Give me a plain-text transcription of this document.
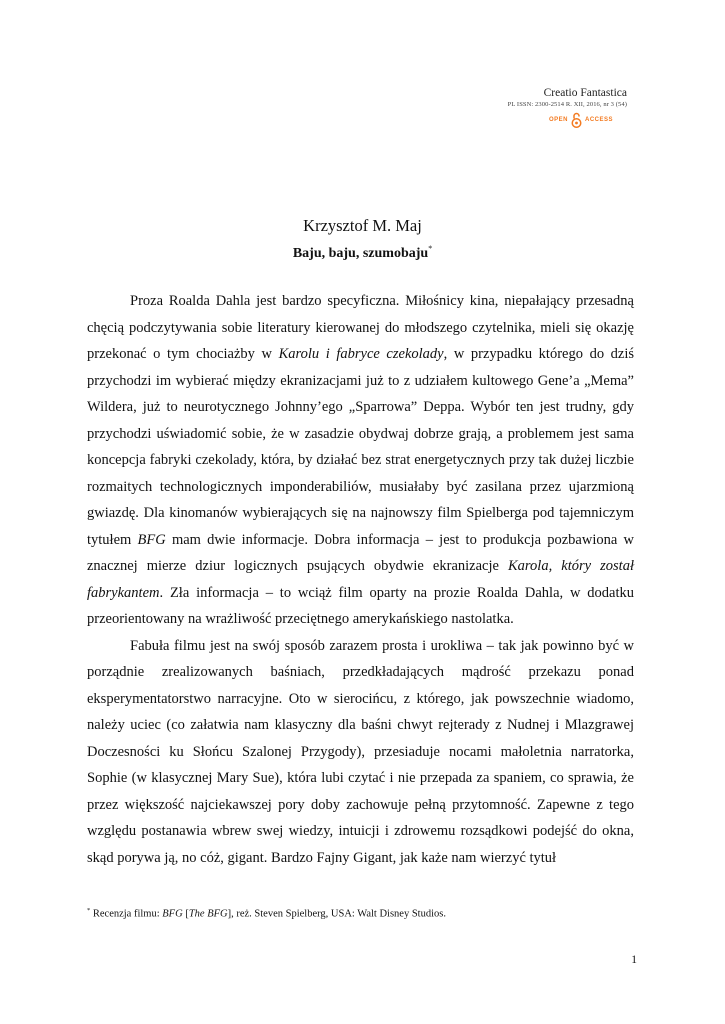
Creatio Fantastica
PL ISSN: 2300-2514 R. XII, 2016, nr 3 (54)
OPEN	ACCESS
Krzysztof M. Maj
Baju, baju, szumobaju*

Proza Roalda Dahla jest bardzo specyficzna. Miłośnicy kina, niepałający przesadną chęcią podczytywania sobie literatury kierowanej do młodszego czytelnika, mieli się okazję przekonać o tym chociażby w Karolu i fabryce czekolady, w przypadku którego do dziś przychodzi im wybierać między ekranizacjami już to z udziałem kultowego Gene’a „Mema” Wildera, już to neurotycznego Johnny’ego „Sparrowa” Deppa. Wybór ten jest trudny, gdy przychodzi uświadomić sobie, że w zasadzie obydwaj dobrze grają, a problemem jest sama koncepcja fabryki czekolady, która, by działać bez strat energetycznych przy tak dużej liczbie rozmaitych technologicznych imponderabiliów, musiałaby być zasilana przez ujarzmioną gwiazdę. Dla kinomanów wybierających się na najnowszy film Spielberga pod tajemniczym tytułem BFG mam dwie informacje. Dobra informacja – jest to produkcja pozbawiona w znacznej mierze dziur logicznych psujących obydwie ekranizacje Karola, który został fabrykantem. Zła informacja – to wciąż film oparty na prozie Roalda Dahla, w dodatku przeorientowany na wrażliwość przeciętnego amerykańskiego nastolatka.

Fabuła filmu jest na swój sposób zarazem prosta i urokliwa – tak jak powinno być w porządnie zrealizowanych baśniach, przedkładających mądrość przekazu ponad eksperymentatorstwo narracyjne. Oto w sierocińcu, z którego, jak powszechnie wiadomo, należy uciec (co załatwia nam klasyczny dla baśni chwyt rejterady z Nudnej i Mlazgrawej Doczesności ku Słońcu Szalonej Przygody), przesiaduje nocami małoletnia narratorka, Sophie (w klasycznej Mary Sue), która lubi czytać i nie przepada za spaniem, co sprawia, że przez większość najciekawszej pory doby zachowuje pełną przytomność. Zapewne z tego względu postanawia wbrew swej wiedzy, intuicji i zdrowemu rozsądkowi podejść do okna, skąd porywa ją, no cóż, gigant. Bardzo Fajny Gigant, jak każe nam wierzyć tytuł

* Recenzja filmu: BFG [The BFG], reż. Steven Spielberg, USA: Walt Disney Studios.
1
